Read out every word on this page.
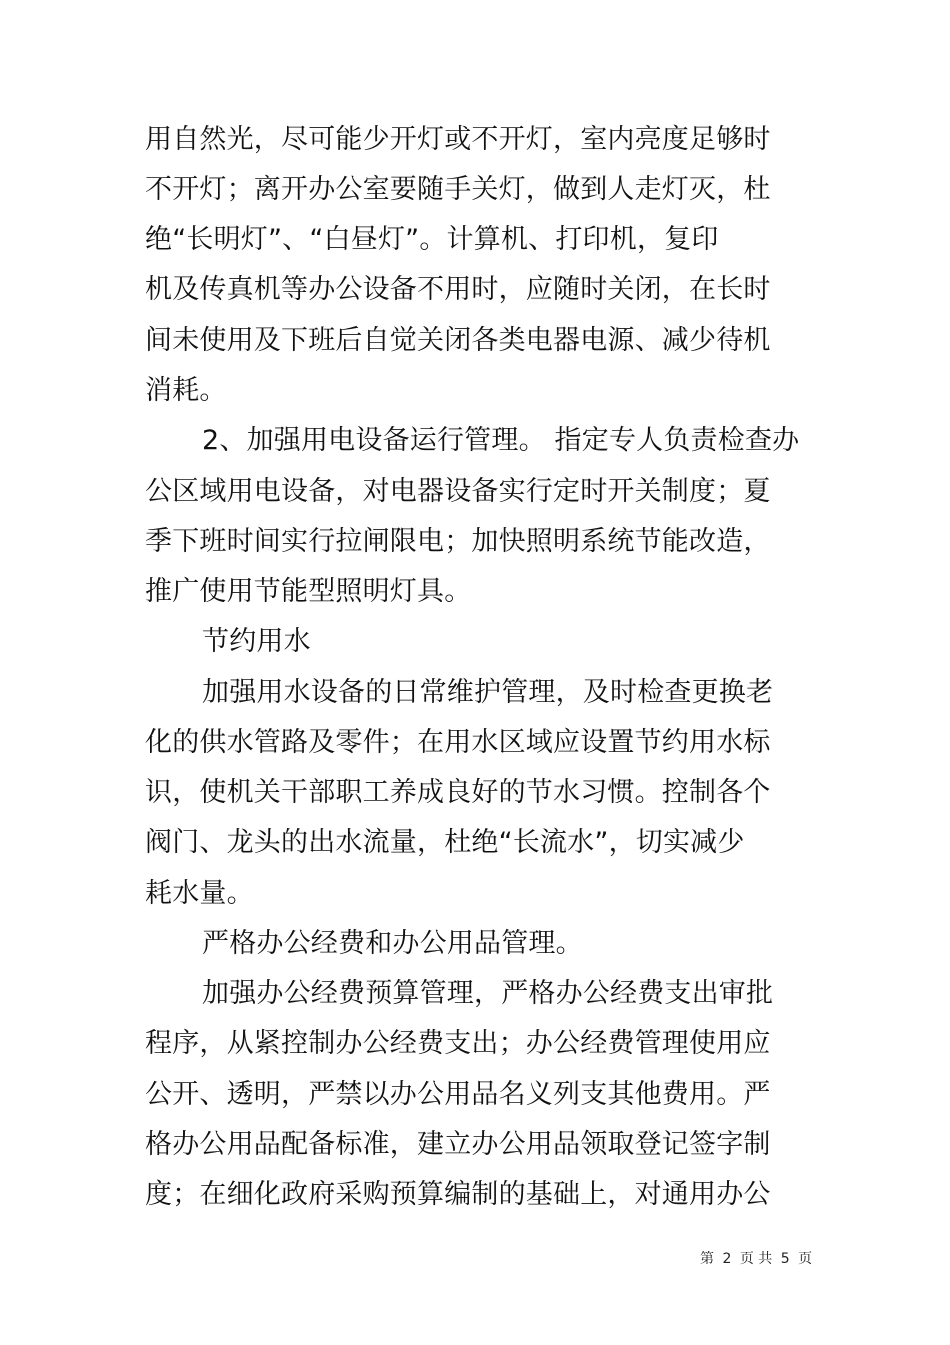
用自然光，尽可能少开灯或不开灯，室内亮度足够时
不开灯；离开办公室要随手关灯，做到人走灯灭，杜
绝“长明灯”、“白昼灯”。计算机、打印机，复印
机及传真机等办公设备不用时，应随时关闭，在长时
间未使用及下班后自觉关闭各类电器电源、减少待机
消耗。
2、加强用电设备运行管理。 指定专人负责检查办
公区域用电设备，对电器设备实行定时开关制度；夏
季下班时间实行拉闸限电；加快照明系统节能改造，
推广使用节能型照明灯具。
节约用水
加强用水设备的日常维护管理，及时检查更换老
化的供水管路及零件；在用水区域应设置节约用水标
识，使机关干部职工养成良好的节水习惯。控制各个
阀门、龙头的出水流量，杜绝“长流水”，切实减少
耗水量。
严格办公经费和办公用品管理。
加强办公经费预算管理，严格办公经费支出审批
程序，从紧控制办公经费支出；办公经费管理使用应
公开、透明，严禁以办公用品名义列支其他费用。严
格办公用品配备标准，建立办公用品领取登记签字制
度；在细化政府采购预算编制的基础上，对通用办公
第 2 页 共 5 页
